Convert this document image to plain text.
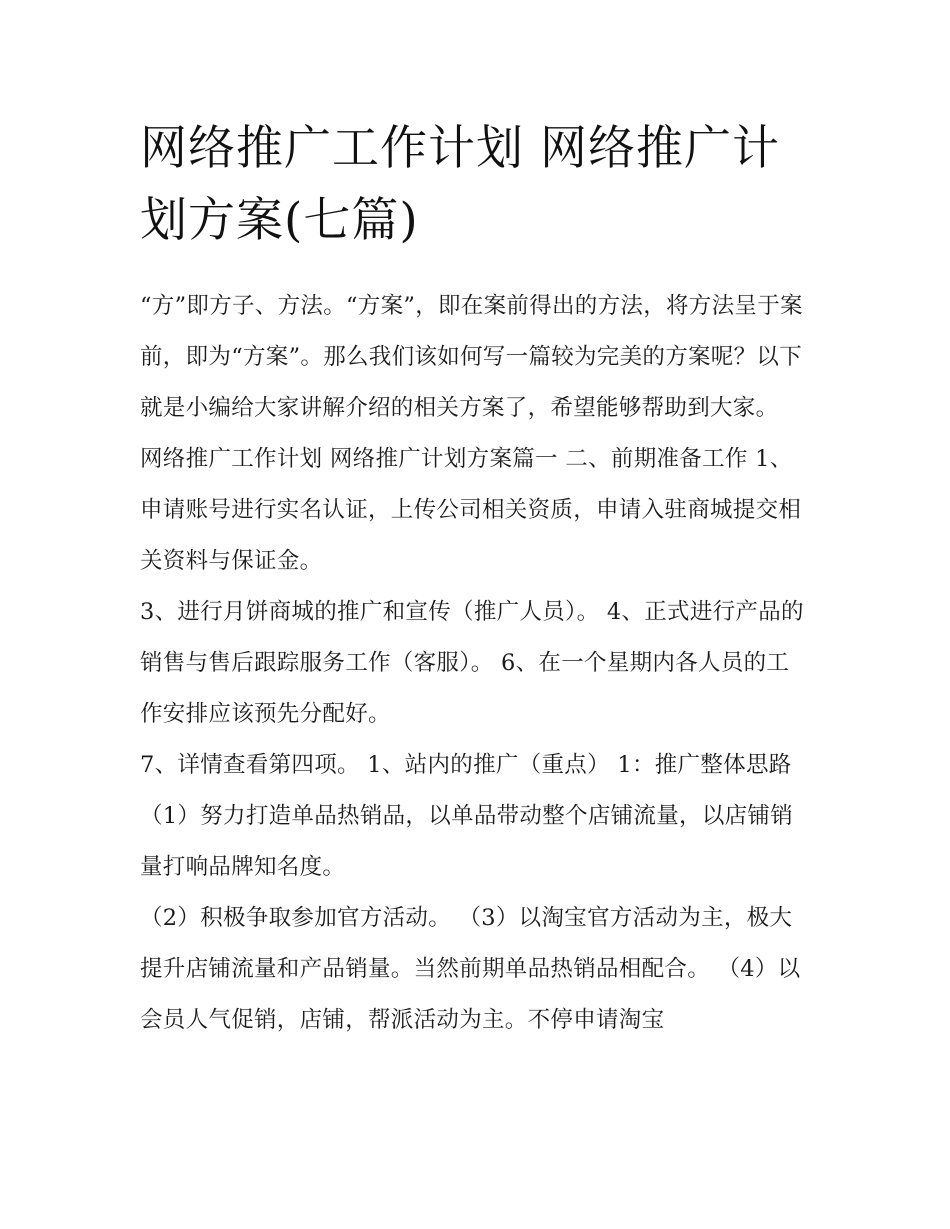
网络推广工作计划 网络推广计划方案(七篇)

“方”即方子、方法。“方案”，即在案前得出的方法，将方法呈于案前，即为“方案”。那么我们该如何写一篇较为完美的方案呢？以下就是小编给大家讲解介绍的相关方案了，希望能够帮助到大家。

网络推广工作计划 网络推广计划方案篇一 二、前期准备工作 1、申请账号进行实名认证，上传公司相关资质，申请入驻商城提交相关资料与保证金。

3、进行月饼商城的推广和宣传（推广人员）。 4、正式进行产品的销售与售后跟踪服务工作（客服）。 6、在一个星期内各人员的工作安排应该预先分配好。

7、详情查看第四项。 1、站内的推广（重点） 1：推广整体思路 （1）努力打造单品热销品，以单品带动整个店铺流量，以店铺销量打响品牌知名度。

（2）积极争取参加官方活动。 （3）以淘宝官方活动为主，极大提升店铺流量和产品销量。当然前期单品热销品相配合。 （4）以会员人气促销，店铺，帮派活动为主。不停申请淘宝
